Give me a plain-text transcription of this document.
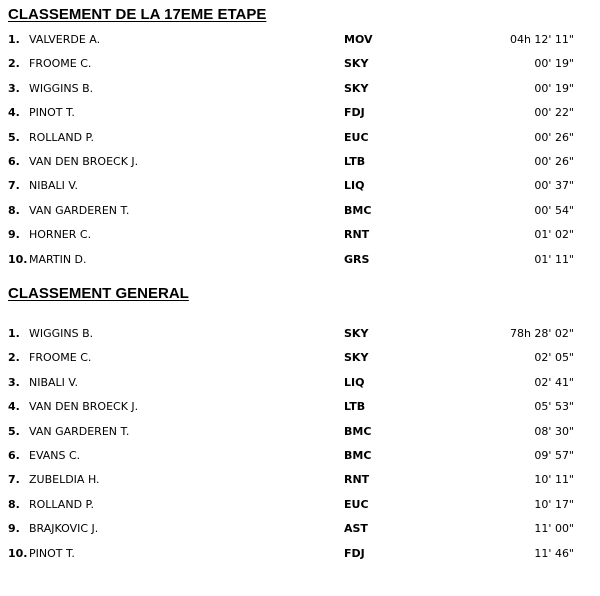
CLASSEMENT DE LA 17EME ETAPE
1. VALVERDE A.	MOV	04h 12' 11"
2. FROOME C.	SKY	00' 19"
3. WIGGINS B.	SKY	00' 19"
4. PINOT T.	FDJ	00' 22"
5. ROLLAND P.	EUC	00' 26"
6. VAN DEN BROECK J.	LTB	00' 26"
7. NIBALI V.	LIQ	00' 37"
8. VAN GARDEREN T.	BMC	00' 54"
9. HORNER C.	RNT	01' 02"
10. MARTIN D.	GRS	01' 11"
CLASSEMENT GENERAL
1. WIGGINS B.	SKY	78h 28' 02"
2. FROOME C.	SKY	02' 05"
3. NIBALI V.	LIQ	02' 41"
4. VAN DEN BROECK J.	LTB	05' 53"
5. VAN GARDEREN T.	BMC	08' 30"
6. EVANS C.	BMC	09' 57"
7. ZUBELDIA H.	RNT	10' 11"
8. ROLLAND P.	EUC	10' 17"
9. BRAJKOVIC J.	AST	11' 00"
10. PINOT T.	FDJ	11' 46"
